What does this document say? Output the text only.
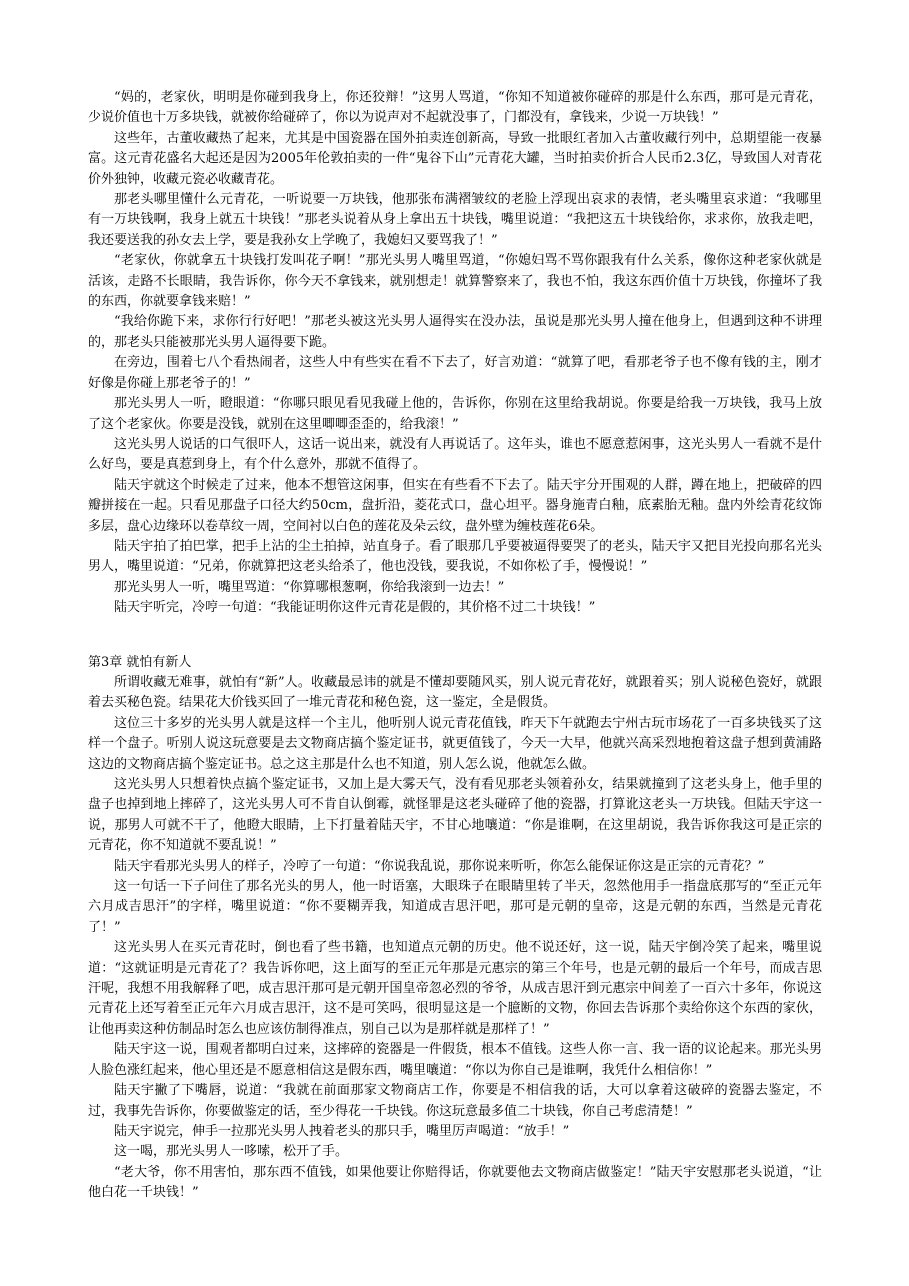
“妈的，老家伙，明明是你碰到我身上，你还狡辩！”这男人骂道，“你知不知道被你碰碎的那是什么东西，那可是元青花，少说价值也十万多块钱，就被你给碰碎了，你以为说声对不起就没事了，门都没有，拿钱来，少说一万块钱！”

这些年，古董收藏热了起来，尤其是中国瓷器在国外拍卖连创新高，导致一批眼红者加入古董收藏行列中，总期望能一夜暴富。这元青花盛名大起还是因为2005年伦敦拍卖的一件“鬼谷下山”元青花大罐，当时拍卖价折合人民币2.3亿，导致国人对青花价外独钟，收藏元瓷必收藏青花。

那老头哪里懂什么元青花，一听说要一万块钱，他那张布满褶皱纹的老脸上浮现出哀求的表情，老头嘴里哀求道：“我哪里有一万块钱啊，我身上就五十块钱！”那老头说着从身上拿出五十块钱，嘴里说道：“我把这五十块钱给你，求求你，放我走吧，我还要送我的孙女去上学，要是我孙女上学晚了，我媳妇又要骂我了！”

“老家伙，你就拿五十块钱打发叫花子啊！”那光头男人嘴里骂道，“你媳妇骂不骂你跟我有什么关系，像你这种老家伙就是活该，走路不长眼睛，我告诉你，你今天不拿钱来，就别想走！就算警察来了，我也不怕，我这东西价值十万块钱，你撞坏了我的东西，你就要拿钱来赔！”

“我给你跪下来，求你行行好吧！”那老头被这光头男人逼得实在没办法，虽说是那光头男人撞在他身上，但遇到这种不讲理的，那老头只能被那光头男人逼得要下跪。

在旁边，围着七八个看热闹者，这些人中有些实在看不下去了，好言劝道：“就算了吧，看那老爷子也不像有钱的主，刚才好像是你碰上那老爷子的！”

那光头男人一听，瞪眼道：“你哪只眼见看见我碰上他的，告诉你，你别在这里给我胡说。你要是给我一万块钱，我马上放了这个老家伙。你要是没钱，就别在这里唧唧歪歪的，给我滚！”

这光头男人说话的口气很吓人，这话一说出来，就没有人再说话了。这年头，谁也不愿意惹闲事，这光头男人一看就不是什么好鸟，要是真惹到身上，有个什么意外，那就不值得了。

陆天宇就这个时候走了过来，他本不想管这闲事，但实在有些看不下去了。陆天宇分开围观的人群，蹲在地上，把破碎的四瓣拼接在一起。只看见那盘子口径大约50cm，盘折沿，菱花式口，盘心坦平。器身施青白釉，底素胎无釉。盘内外绘青花纹饰多层，盘心边缘环以卷草纹一周，空间衬以白色的莲花及朵云纹，盘外壁为缠枝莲花6朵。

陆天宇拍了拍巴掌，把手上沾的尘土拍掉，站直身子。看了眼那几乎要被逼得要哭了的老头，陆天宇又把目光投向那名光头男人，嘴里说道：“兄弟，你就算把这老头给杀了，他也没钱，要我说，不如你松了手，慢慢说！”

那光头男人一听，嘴里骂道：“你算哪根葱啊，你给我滚到一边去！”

陆天宇听完，冷哼一句道：“我能证明你这件元青花是假的，其价格不过二十块钱！”

第3章 就怕有新人

所谓收藏无难事，就怕有“新”人。收藏最忌讳的就是不懂却要随风买，别人说元青花好，就跟着买；别人说秘色瓷好，就跟着去买秘色瓷。结果花大价钱买回了一堆元青花和秘色瓷，这一鉴定，全是假货。

这位三十多岁的光头男人就是这样一个主儿，他听别人说元青花值钱，昨天下午就跑去宁州古玩市场花了一百多块钱买了这样一个盘子。听别人说这玩意要是去文物商店搞个鉴定证书，就更值钱了，今天一大早，他就兴高采烈地抱着这盘子想到黄浦路这边的文物商店搞个鉴定证书。总之这主那是什么也不知道，别人怎么说，他就怎么做。

这光头男人只想着快点搞个鉴定证书，又加上是大雾天气，没有看见那老头领着孙女，结果就撞到了这老头身上，他手里的盘子也掉到地上摔碎了，这光头男人可不肯自认倒霉，就怪罪是这老头碰碎了他的瓷器，打算讹这老头一万块钱。但陆天宇这一说，那男人可就不干了，他瞪大眼睛，上下打量着陆天宇，不甘心地嚷道：“你是谁啊，在这里胡说，我告诉你我这可是正宗的元青花，你不知道就不要乱说！”

陆天宇看那光头男人的样子，冷哼了一句道：“你说我乱说，那你说来听听，你怎么能保证你这是正宗的元青花？”

这一句话一下子问住了那名光头的男人，他一时语塞，大眼珠子在眼睛里转了半天，忽然他用手一指盘底那写的“至正元年六月成吉思汗”的字样，嘴里说道：“你不要糊弄我，知道成吉思汗吧，那可是元朝的皇帝，这是元朝的东西，当然是元青花了！”

这光头男人在买元青花时，倒也看了些书籍，也知道点元朝的历史。他不说还好，这一说，陆天宇倒冷笑了起来，嘴里说道：“这就证明是元青花了？我告诉你吧，这上面写的至正元年那是元惠宗的第三个年号，也是元朝的最后一个年号，而成吉思汗呢，我想不用我解释了吧，成吉思汗那可是元朝开国皇帝忽必烈的爷爷，从成吉思汗到元惠宗中间差了一百六十多年，你说这元青花上还写着至正元年六月成吉思汗，这不是可笑吗，很明显这是一个臆断的文物，你回去告诉那个卖给你这个东西的家伙，让他再卖这种仿制品时怎么也应该仿制得准点，别自己以为是那样就是那样了！”

陆天宇这一说，围观者都明白过来，这摔碎的瓷器是一件假货，根本不值钱。这些人你一言、我一语的议论起来。那光头男人脸色涨红起来，他心里还是不愿意相信这是假东西，嘴里嚷道：“你以为你自己是谁啊，我凭什么相信你！”

陆天宇撇了下嘴唇，说道：“我就在前面那家文物商店工作，你要是不相信我的话，大可以拿着这破碎的瓷器去鉴定，不过，我事先告诉你，你要做鉴定的话，至少得花一千块钱。你这玩意最多值二十块钱，你自己考虑清楚！”

陆天宇说完，伸手一拉那光头男人拽着老头的那只手，嘴里厉声喝道：“放手！”

这一喝，那光头男人一哆嗦，松开了手。

“老大爷，你不用害怕，那东西不值钱，如果他要让你赔得话，你就要他去文物商店做鉴定！”陆天宇安慰那老头说道，“让他白花一千块钱！”
